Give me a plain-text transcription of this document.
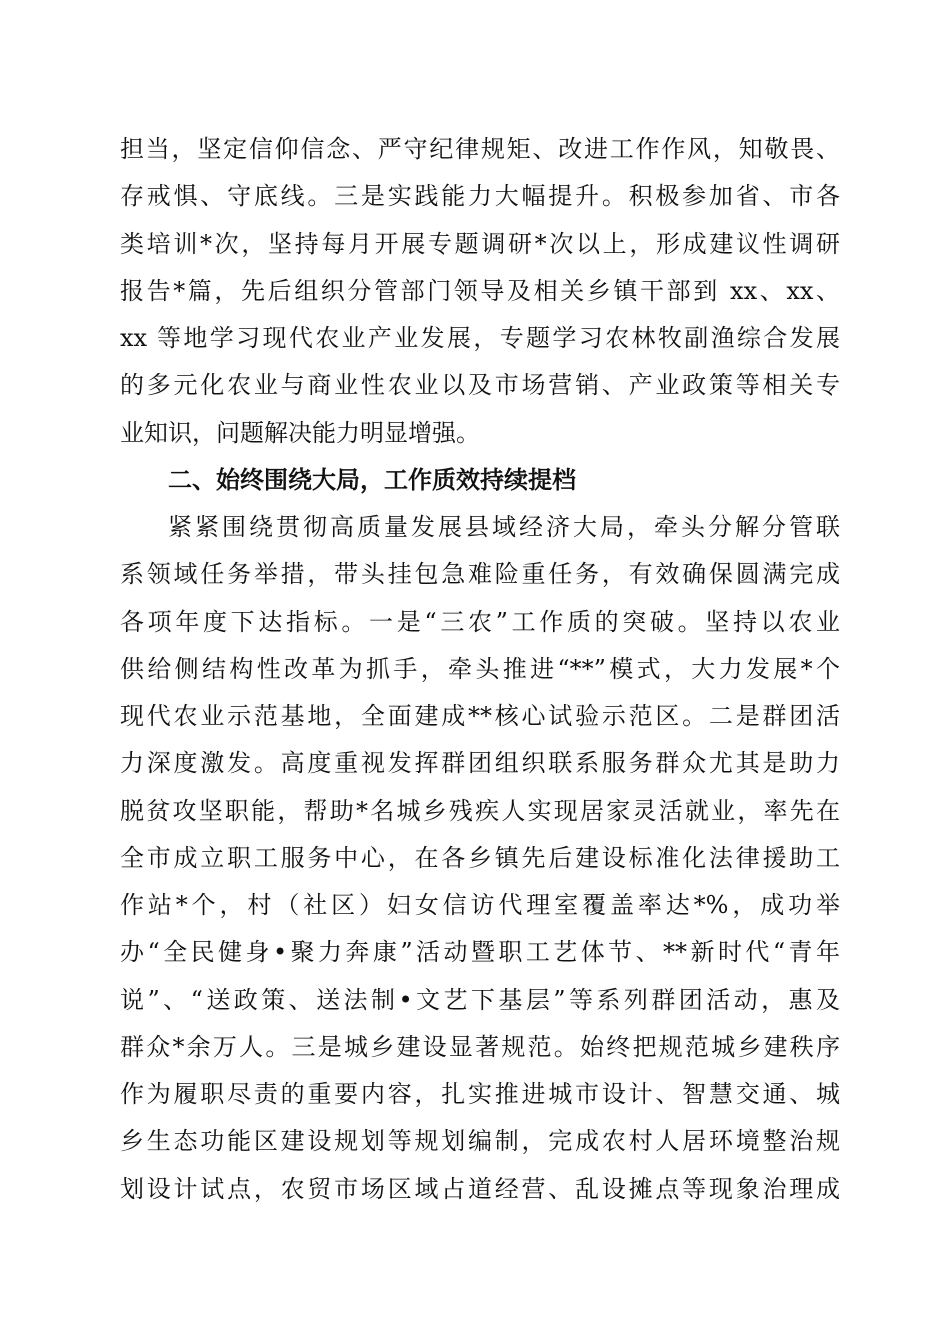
担当，坚定信仰信念、严守纪律规矩、改进工作作风，知敬畏、
存戒惧、守底线。三是实践能力大幅提升。积极参加省、市各
类培训*次，坚持每月开展专题调研*次以上，形成建议性调研
报告*篇，先后组织分管部门领导及相关乡镇干部到 xx、xx、
xx 等地学习现代农业产业发展，专题学习农林牧副渔综合发展
的多元化农业与商业性农业以及市场营销、产业政策等相关专
业知识，问题解决能力明显增强。
二、始终围绕大局，工作质效持续提档
紧紧围绕贯彻高质量发展县域经济大局，牵头分解分管联
系领域任务举措，带头挂包急难险重任务，有效确保圆满完成
各项年度下达指标。一是“三农”工作质的突破。坚持以农业
供给侧结构性改革为抓手，牵头推进“**”模式，大力发展*个
现代农业示范基地，全面建成**核心试验示范区。二是群团活
力深度激发。高度重视发挥群团组织联系服务群众尤其是助力
脱贫攻坚职能，帮助*名城乡残疾人实现居家灵活就业，率先在
全市成立职工服务中心，在各乡镇先后建设标准化法律援助工
作站*个，村（社区）妇女信访代理室覆盖率达*%，成功举
办“全民健身•聚力奔康”活动暨职工艺体节、**新时代“青年
说”、“送政策、送法制•文艺下基层”等系列群团活动，惠及
群众*余万人。三是城乡建设显著规范。始终把规范城乡建秩序
作为履职尽责的重要内容，扎实推进城市设计、智慧交通、城
乡生态功能区建设规划等规划编制，完成农村人居环境整治规
划设计试点，农贸市场区域占道经营、乱设摊点等现象治理成
